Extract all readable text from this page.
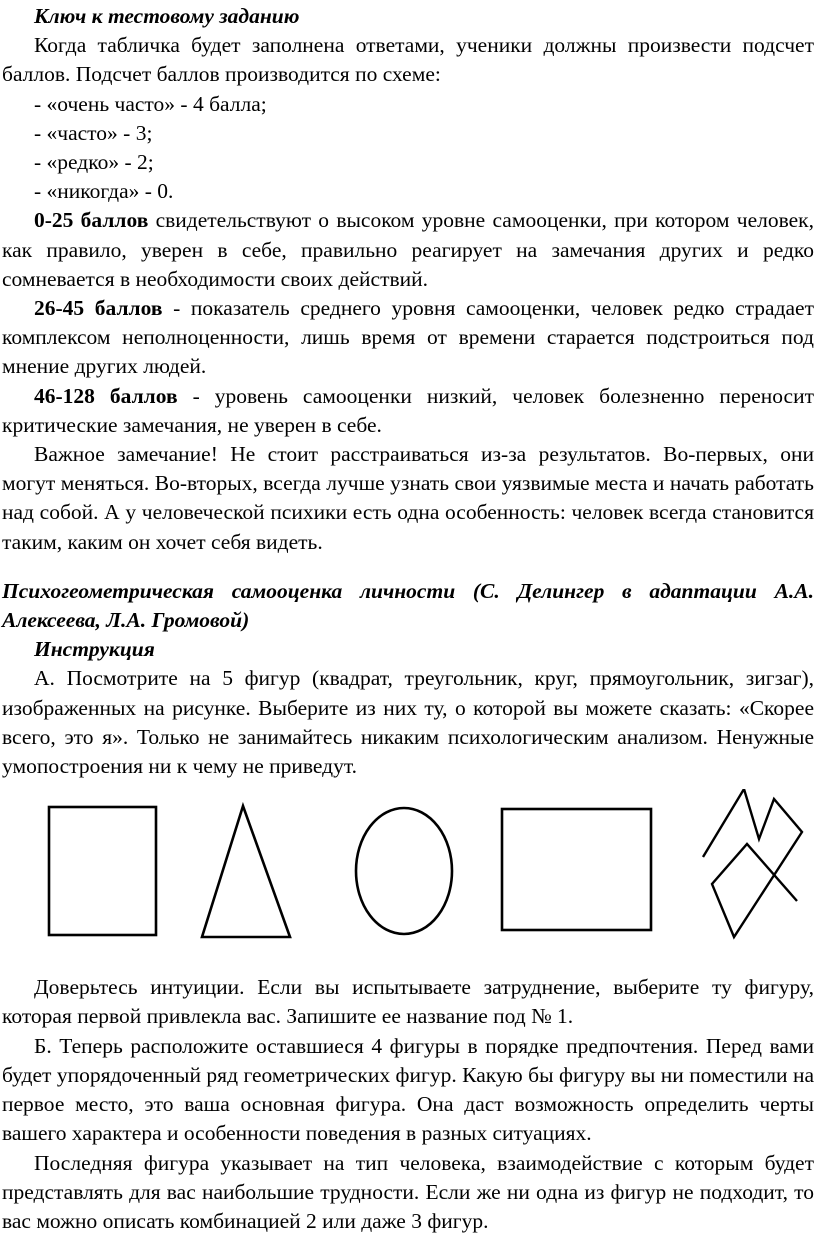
Ключ к тестовому заданию

Когда табличка будет заполнена ответами, ученики должны произвести подсчет баллов. Подсчет баллов производится по схеме:

- «очень часто» - 4 балла;

- «часто» - 3;

- «редко» - 2;

- «никогда» - 0.

0-25 баллов свидетельствуют о высоком уровне самооценки, при котором человек, как правило, уверен в себе, правильно реагирует на замечания других и редко сомневается в необходимости своих действий.

26-45 баллов - показатель среднего уровня самооценки, человек редко страдает комплексом неполноценности, лишь время от времени старается подстроиться под мнение других людей.

46-128 баллов - уровень самооценки низкий, человек болезненно переносит критические замечания, не уверен в себе.

Важное замечание! Не стоит расстраиваться из-за результатов. Во-первых, они могут меняться. Во-вторых, всегда лучше узнать свои уязвимые места и начать работать над собой. А у человеческой психики есть одна особенность: человек всегда становится таким, каким он хочет себя видеть.

Психогеометрическая самооценка личности (С. Делингер в адаптации А.А. Алексеева, Л.А. Громовой)

Инструкция

А. Посмотрите на 5 фигур (квадрат, треугольник, круг, прямоугольник, зигзаг), изображенных на рисунке. Выберите из них ту, о которой вы можете сказать: «Скорее всего, это я». Только не занимайтесь никаким психологическим анализом. Ненужные умопостроения ни к чему не приведут.

Доверьтесь интуиции. Если вы испытываете затруднение, выберите ту фигуру, которая первой привлекла вас. Запишите ее название под № 1.

Б. Теперь расположите оставшиеся 4 фигуры в порядке предпочтения. Перед вами будет упорядоченный ряд геометрических фигур. Какую бы фигуру вы ни поместили на первое место, это ваша основная фигура. Она даст возможность определить черты вашего характера и особенности поведения в разных ситуациях.

Последняя фигура указывает на тип человека, взаимодействие с которым будет представлять для вас наибольшие трудности. Если же ни одна из фигур не подходит, то вас можно описать комбинацией 2 или даже 3 фигур.
